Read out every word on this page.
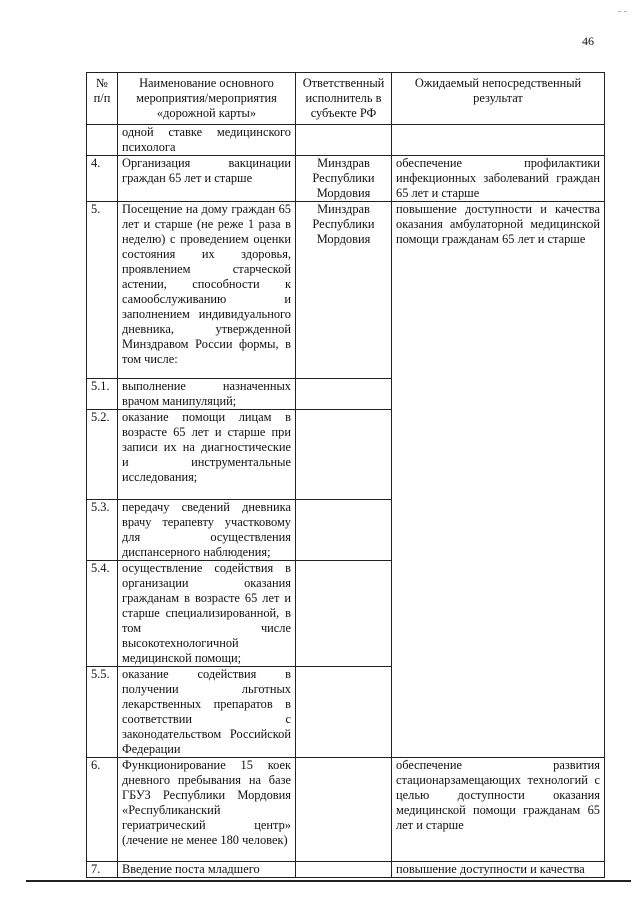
- -
46
№ п/п	Наименование основного мероприятия/мероприятия «дорожной карты»	Ответственный исполнитель в субъекте РФ	Ожидаемый непосредственный результат
	одной ставке медицинского психолога		
4.	Организация вакцинации граждан 65 лет и старше	Минздрав Республики Мордовия	обеспечение профилактики инфекционных заболеваний граждан 65 лет и старше
5.	Посещение на дому граждан 65 лет и старше (не реже 1 раза в неделю) с проведением оценки состояния их здоровья, проявлением старческой астении, способности к самообслуживанию и заполнением индивидуального дневника, утвержденной Минздравом России формы, в том числе:	Минздрав Республики Мордовия	повышение доступности и качества оказания амбулаторной медицинской помощи гражданам 65 лет и старше
5.1.	выполнение назначенных врачом манипуляций;		
5.2.	оказание помощи лицам в возрасте 65 лет и старше при записи их на диагностические и инструментальные исследования;		
5.3.	передачу сведений дневника врачу терапевту участковому для осуществления диспансерного наблюдения;		
5.4.	осуществление содействия в организации оказания гражданам в возрасте 65 лет и старше специализированной, в том числе высокотехнологичной медицинской помощи;		
5.5.	оказание содействия в получении льготных лекарственных препаратов в соответствии с законодательством Российской Федерации		
6.	Функционирование 15 коек дневного пребывания на базе ГБУЗ Республики Мордовия «Республиканский гериатрический центр» (лечение не менее 180 человек)		обеспечение развития стационарзамещающих технологий с целью доступности оказания медицинской помощи гражданам 65 лет и старше
7.	Введение поста младшего		повышение доступности и качества
